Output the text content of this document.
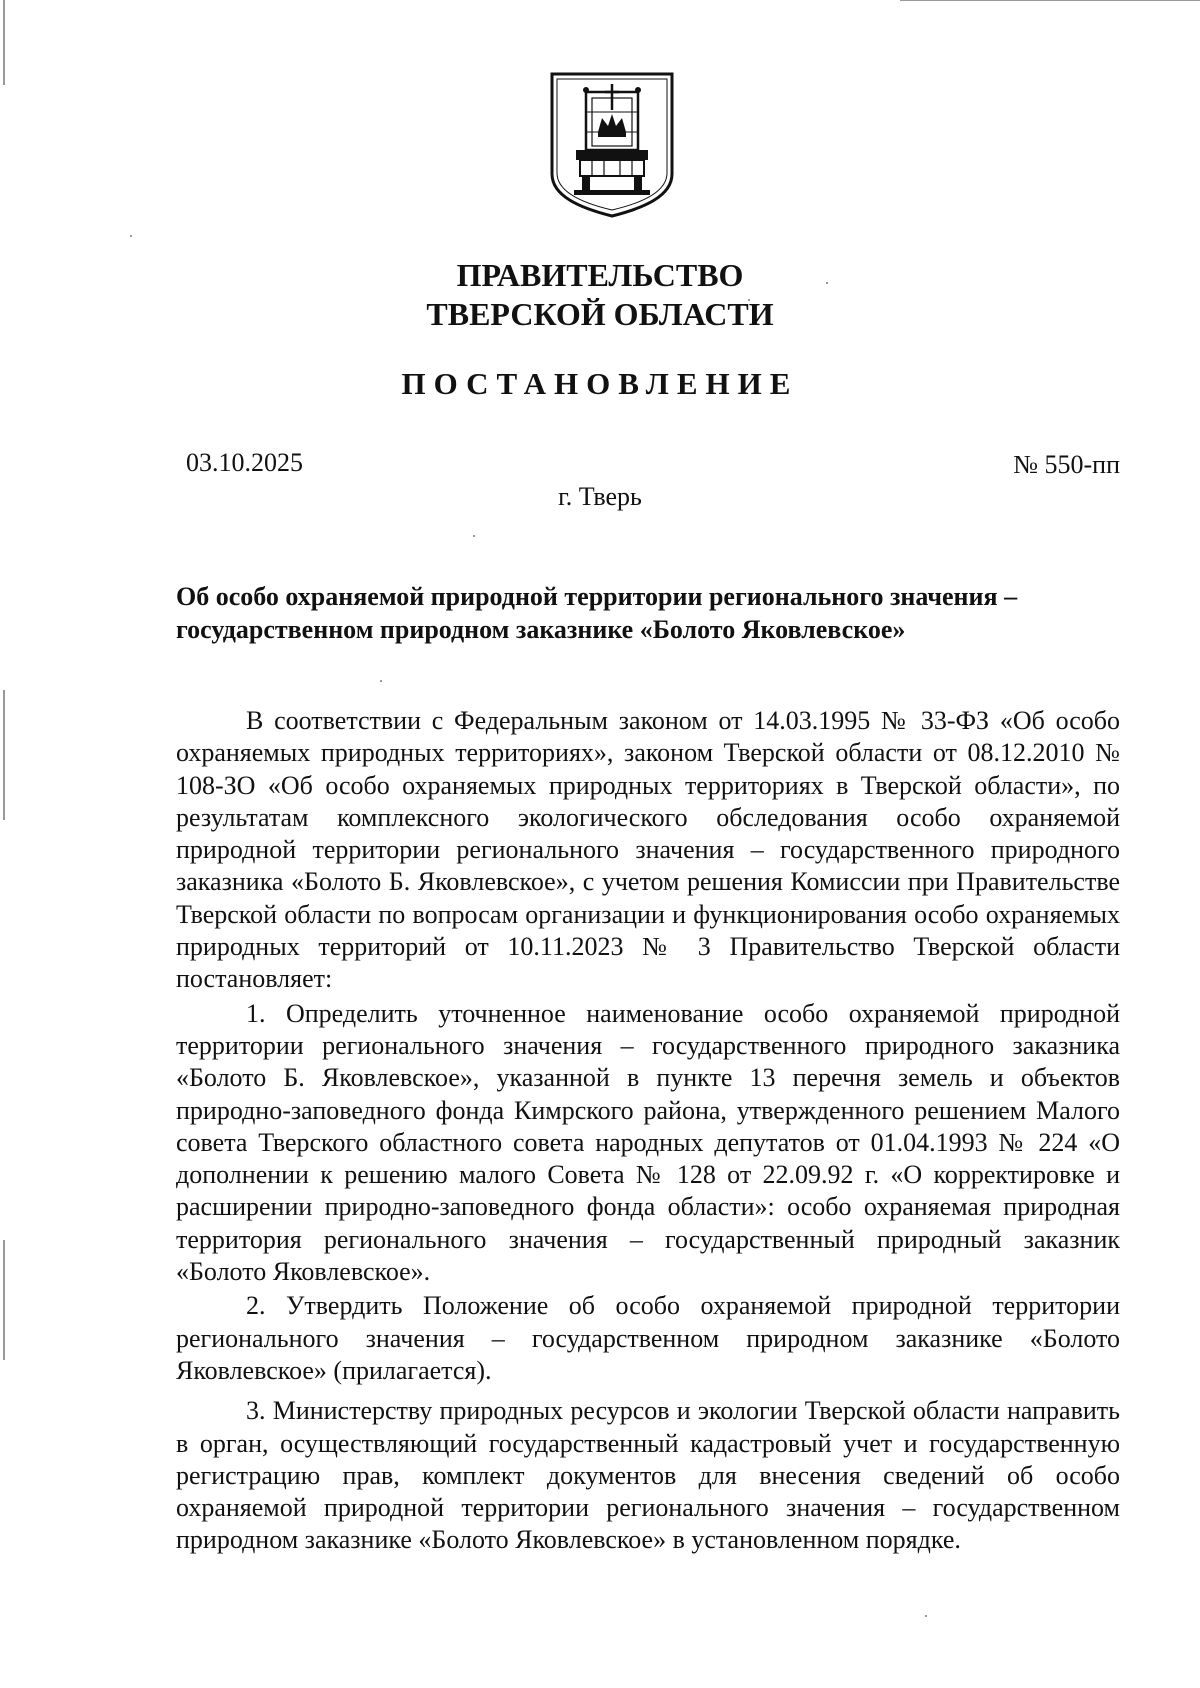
ПРАВИТЕЛЬСТВО
ТВЕРСКОЙ ОБЛАСТИ
ПОСТАНОВЛЕНИЕ
03.10.2025	№ 550-пп
г. Тверь
Об особо охраняемой природной территории регионального значения –
государственном природном заказнике «Болото Яковлевское»

В соответствии с Федеральным законом от 14.03.1995 № 33-ФЗ «Об особо охраняемых природных территориях», законом Тверской области от 08.12.2010 № 108-ЗО «Об особо охраняемых природных территориях в Тверской области», по результатам комплексного экологического обследования особо охраняемой природной территории регионального значения – государственного природного заказника «Болото Б. Яковлевское», с учетом решения Комиссии при Правительстве Тверской области по вопросам организации и функционирования особо охраняемых природных территорий от 10.11.2023 № 3 Правительство Тверской области постановляет:

1. Определить уточненное наименование особо охраняемой природной территории регионального значения – государственного природного заказника «Болото Б. Яковлевское», указанной в пункте 13 перечня земель и объектов природно-заповедного фонда Кимрского района, утвержденного решением Малого совета Тверского областного совета народных депутатов от 01.04.1993 № 224 «О дополнении к решению малого Совета № 128 от 22.09.92 г. «О корректировке и расширении природно-заповедного фонда области»: особо охраняемая природная территория регионального значения – государственный природный заказник «Болото Яковлевское».

2. Утвердить Положение об особо охраняемой природной территории регионального значения – государственном природном заказнике «Болото Яковлевское» (прилагается).

3. Министерству природных ресурсов и экологии Тверской области направить в орган, осуществляющий государственный кадастровый учет и государственную регистрацию прав, комплект документов для внесения сведений об особо охраняемой природной территории регионального значения – государственном природном заказнике «Болото Яковлевское» в установленном порядке.
